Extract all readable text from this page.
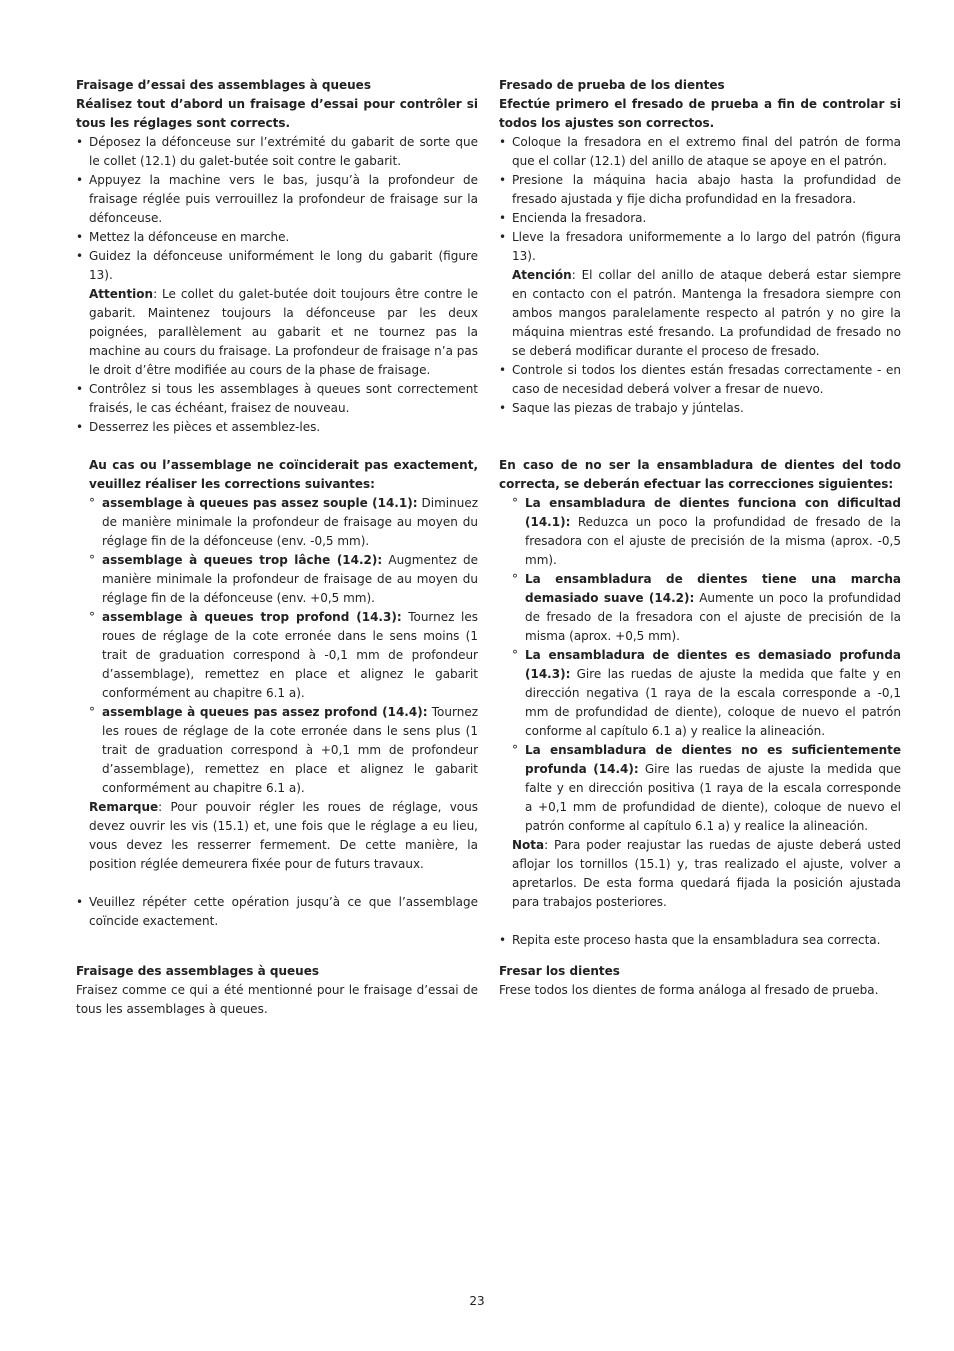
Fraisage d’essai des assemblages à queues
Réalisez tout d’abord un fraisage d’essai pour contrôler si tous les réglages sont corrects.
• Déposez la défonceuse sur l’extrémité du gabarit de sorte que le collet (12.1) du galet-butée soit contre le gabarit.
• Appuyez la machine vers le bas, jusqu’à la profondeur de fraisage réglée puis verrouillez la profondeur de fraisage sur la défonceuse.
• Mettez la défonceuse en marche.
• Guidez la défonceuse uniformément le long du gabarit (figure 13).
Attention: Le collet du galet-butée doit toujours être contre le gabarit. Maintenez toujours la défonceuse par les deux poignées, parallèlement au gabarit et ne tournez pas la machine au cours du fraisage. La profondeur de fraisage n’a pas le droit d’être modifiée au cours de la phase de fraisage.
• Contrôlez si tous les assemblages à queues sont correctement fraisés, le cas échéant, fraisez de nouveau.
• Desserrez les pièces et assemblez-les.
Au cas ou l’assemblage ne coïnciderait pas exactement, veuillez réaliser les corrections suivantes:
° assemblage à queues pas assez souple (14.1): Diminuez de manière minimale la profondeur de fraisage au moyen du réglage fin de la défonceuse (env. -0,5 mm).
° assemblage à queues trop lâche (14.2): Augmentez de manière minimale la profondeur de fraisage de au moyen du réglage fin de la défonceuse (env. +0,5 mm).
° assemblage à queues trop profond (14.3): Tournez les roues de réglage de la cote erronée dans le sens moins (1 trait de graduation correspond à -0,1 mm de profondeur d’assemblage), remettez en place et alignez le gabarit conformément au chapitre 6.1 a).
° assemblage à queues pas assez profond (14.4): Tournez les roues de réglage de la cote erronée dans le sens plus (1 trait de graduation correspond à +0,1 mm de profondeur d’assemblage), remettez en place et alignez le gabarit conformément au chapitre 6.1 a).
Remarque: Pour pouvoir régler les roues de réglage, vous devez ouvrir les vis (15.1) et, une fois que le réglage a eu lieu, vous devez les resserrer fermement. De cette manière, la position réglée demeurera fixée pour de futurs travaux.
• Veuillez répéter cette opération jusqu’à ce que l’assemblage coïncide exactement.
Fresado de prueba de los dientes
Efectúe primero el fresado de prueba a fin de controlar si todos los ajustes son correctos.
• Coloque la fresadora en el extremo final del patrón de forma que el collar (12.1) del anillo de ataque se apoye en el patrón.
• Presione la máquina hacia abajo hasta la profundidad de fresado ajustada y fije dicha profundidad en la fresadora.
• Encienda la fresadora.
• Lleve la fresadora uniformemente a lo largo del patrón (figura 13).
Atención: El collar del anillo de ataque deberá estar siempre en contacto con el patrón. Mantenga la fresadora siempre con ambos mangos paralelamente respecto al patrón y no gire la máquina mientras esté fresando. La profundidad de fresado no se deberá modificar durante el proceso de fresado.
• Controle si todos los dientes están fresadas correctamente - en caso de necesidad deberá volver a fresar de nuevo.
• Saque las piezas de trabajo y júntelas.
En caso de no ser la ensambladura de dientes del todo correcta, se deberán efectuar las correcciones siguientes:
° La ensambladura de dientes funciona con dificultad (14.1): Reduzca un poco la profundidad de fresado de la fresadora con el ajuste de precisión de la misma (aprox. -0,5 mm).
° La ensambladura de dientes tiene una marcha demasiado suave (14.2): Aumente un poco la profundidad de fresado de la fresadora con el ajuste de precisión de la misma (aprox. +0,5 mm).
° La ensambladura de dientes es demasiado profunda (14.3): Gire las ruedas de ajuste la medida que falte y en dirección negativa (1 raya de la escala corresponde a -0,1 mm de profundidad de diente), coloque de nuevo el patrón conforme al capítulo 6.1 a) y realice la alineación.
° La ensambladura de dientes no es suficientemente profunda (14.4): Gire las ruedas de ajuste la medida que falte y en dirección positiva (1 raya de la escala corresponde a +0,1 mm de profundidad de diente), coloque de nuevo el patrón conforme al capítulo 6.1 a) y realice la alineación.
Nota: Para poder reajustar las ruedas de ajuste deberá usted aflojar los tornillos (15.1) y, tras realizado el ajuste, volver a apretarlos. De esta forma quedará fijada la posición ajustada para trabajos posteriores.
• Repita este proceso hasta que la ensambladura sea correcta.
Fraisage des assemblages à queues
Fraisez comme ce qui a été mentionné pour le fraisage d’essai de tous les assemblages à queues.
Fresar los dientes
Frese todos los dientes de forma análoga al fresado de prueba.
23
